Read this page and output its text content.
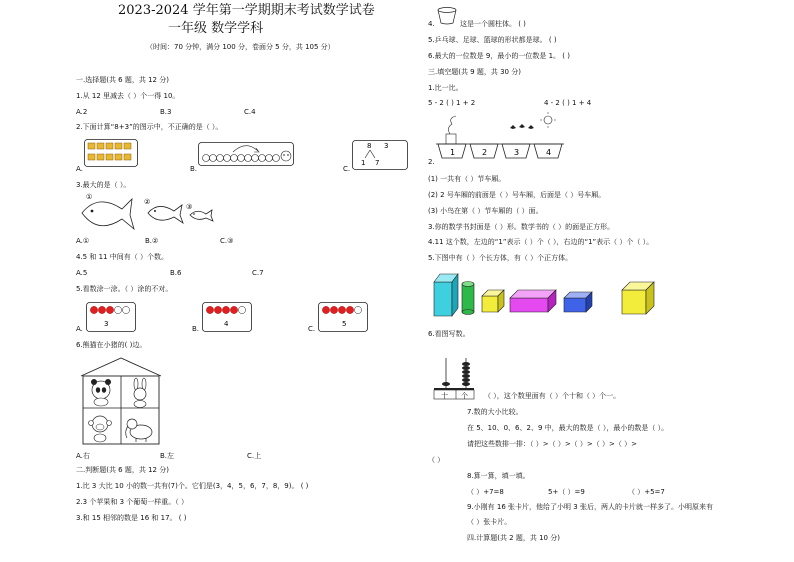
2023-2024 学年第一学期期末考试数学试卷
一年级 数学学科
（时间：70 分钟，满分 100 分，卷面分 5 分，共 105 分）
一.选择题(共 6 题，共 12 分)
1.从 12 里减去（ ）个一得 10。
A.2	B.3	C.4
2.下面计算“8+3”的图示中，不正确的是（ ）。
A.	B.	C.
8 3
1 7
3.最大的是（ ）。
①
②
③
A.①	B.②	C.③
4.5 和 11 中间有（ ）个数。
A.5	B.6	C.7
5.看数涂一涂。（ ）涂的不对。
A.	B.	C.
3	4	5
6.熊猫在小猪的( )边。
A.右	B.左	C.上
二.判断题(共 6 题，共 12 分)
1.比 3 大比 10 小的数一共有(7)个。它们是(3，4，5，6，7，8，9)。 ( )
2.3 个苹果和 3 个葡萄一样重。（ ）
3.和 15 相邻的数是 16 和 17。 ( )
4.	这是一个圆柱体。 ( )
5.乒乓球、足球、篮球的形状都是球。 ( )
6.最大的一位数是 9，最小的一位数是 1。 ( )
三.填空题(共 9 题，共 30 分)
1.比一比。
5 - 2 ( ) 1 + 2	4 - 2 ( ) 1 + 4
2.
1	2	3	4
(1) 一共有（ ）节车厢。
(2) 2 号车厢的前面是（ ）号车厢，后面是（ ）号车厢。
(3) 小鸟在第（ ）节车厢的（ ）面。
3.你的数学书封面是（ ）形。数学书的（ ）的面是正方形。
4.11 这个数，左边的“1”表示（ ）个（ ），右边的“1”表示（ ）个（ ）。
5.下图中有（ ）个长方体，有（ ）个正方体。
6.看图写数。
十 个 （ ），这个数里面有（ ）个十和（ ）个一。
7.数的大小比较。
在 5、10、0、6、2、9 中，最大的数是（ ），最小的数是（ ）。
请把这些数排一排：（ ）>（ ）>（ ）>（ ）>（ ）>
（ ）
8.算一算，填一填。
（ ）+7=8	5+（ ）=9	（ ）+5=7
9.小刚有 16 张卡片，他给了小明 3 张后，两人的卡片就一样多了。小明原来有
（ ）张卡片。
四.计算题(共 2 题，共 10 分)
